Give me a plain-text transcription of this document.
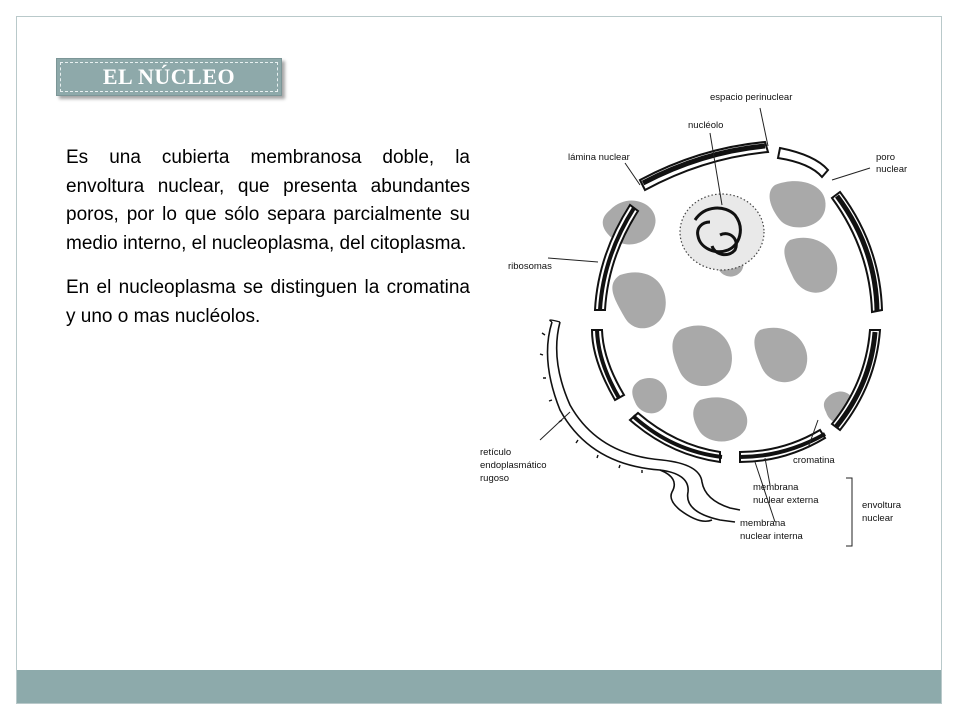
EL NÚCLEO

Es una cubierta membranosa doble, la envoltura nuclear, que presenta abundantes poros, por lo que sólo separa parcialmente su medio interno, el nucleoplasma, del citoplasma.

En el nucleoplasma se distinguen la cromatina y uno o mas nucléolos.

espacio perinuclear
nucléolo
lámina nuclear	poro
nuclear
ribosomas
cromatina
retículo
endoplasmático
rugoso
membrana
nuclear externa
membrana
nuclear interna
envoltura
nuclear
